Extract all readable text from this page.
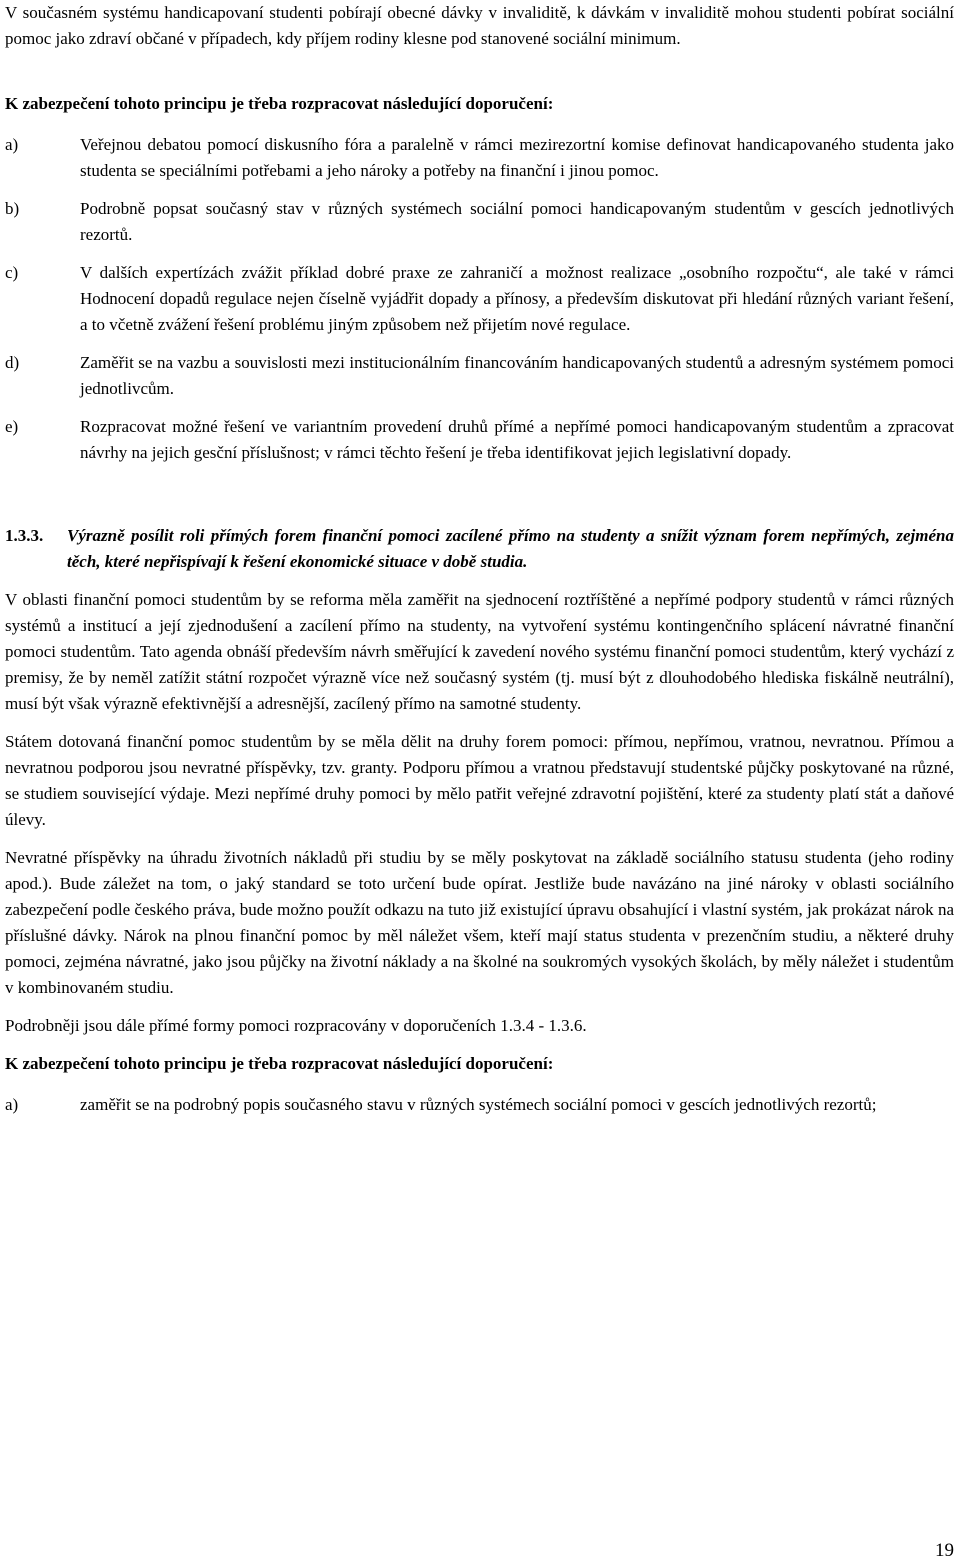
V současném systému handicapovaní studenti pobírají obecné dávky v invaliditě, k dávkám v invaliditě mohou studenti pobírat sociální pomoc jako zdraví občané v případech, kdy příjem rodiny klesne pod stanovené sociální minimum.

K zabezpečení tohoto principu je třeba rozpracovat následující doporučení:

a)	Veřejnou debatou pomocí diskusního fóra a paralelně v rámci mezirezortní komise definovat handicapovaného studenta jako studenta se speciálními potřebami a jeho nároky a potřeby na finanční i jinou pomoc.
b)	Podrobně popsat současný stav v různých systémech sociální pomoci handicapovaným studentům v gescích jednotlivých rezortů.
c)	V dalších expertízách zvážit příklad dobré praxe ze zahraničí a možnost realizace „osobního rozpočtu“, ale také v rámci Hodnocení dopadů regulace nejen číselně vyjádřit dopady a přínosy, a především diskutovat při hledání různých variant řešení, a to včetně zvážení řešení problému jiným způsobem než přijetím nové regulace.
d)	Zaměřit se na vazbu a souvislosti mezi institucionálním financováním handicapovaných studentů a adresným systémem pomoci jednotlivcům.
e)	Rozpracovat možné řešení ve variantním provedení druhů přímé a nepřímé pomoci handicapovaným studentům a zpracovat návrhy na jejich gesční příslušnost; v rámci těchto řešení je třeba identifikovat jejich legislativní dopady.
1.3.3.	Výrazně posílit roli přímých forem finanční pomoci zacílené přímo na studenty a snížit význam forem nepřímých, zejména těch, které nepřispívají k řešení ekonomické situace v době studia.

V oblasti finanční pomoci studentům by se reforma měla zaměřit na sjednocení roztříštěné a nepřímé podpory studentů v rámci různých systémů a institucí a její zjednodušení a zacílení přímo na studenty, na vytvoření systému kontingenčního splácení návratné finanční pomoci studentům. Tato agenda obnáší především návrh směřující k zavedení nového systému finanční pomoci studentům, který vychází z premisy, že by neměl zatížit státní rozpočet výrazně více než současný systém (tj. musí být z dlouhodobého hlediska fiskálně neutrální), musí být však výrazně efektivnější a adresnější, zacílený přímo na samotné studenty.

Státem dotovaná finanční pomoc studentům by se měla dělit na druhy forem pomoci: přímou, nepřímou, vratnou, nevratnou. Přímou a nevratnou podporou jsou nevratné příspěvky, tzv. granty. Podporu přímou a vratnou představují studentské půjčky poskytované na různé, se studiem související výdaje. Mezi nepřímé druhy pomoci by mělo patřit veřejné zdravotní pojištění, které za studenty platí stát a daňové úlevy.

Nevratné příspěvky na úhradu životních nákladů při studiu by se měly poskytovat na základě sociálního statusu studenta (jeho rodiny apod.). Bude záležet na tom, o jaký standard se toto určení bude opírat. Jestliže bude navázáno na jiné nároky v oblasti sociálního zabezpečení podle českého práva, bude možno použít odkazu na tuto již existující úpravu obsahující i vlastní systém, jak prokázat nárok na příslušné dávky. Nárok na plnou finanční pomoc by měl náležet všem, kteří mají status studenta v prezenčním studiu, a některé druhy pomoci, zejména návratné, jako jsou půjčky na životní náklady a na školné na soukromých vysokých školách, by měly náležet i studentům v kombinovaném studiu.

Podrobněji jsou dále přímé formy pomoci rozpracovány v doporučeních 1.3.4 - 1.3.6.

K zabezpečení tohoto principu je třeba rozpracovat následující doporučení:

a)	zaměřit se na podrobný popis současného stavu v různých systémech sociální pomoci v gescích jednotlivých rezortů;
19
